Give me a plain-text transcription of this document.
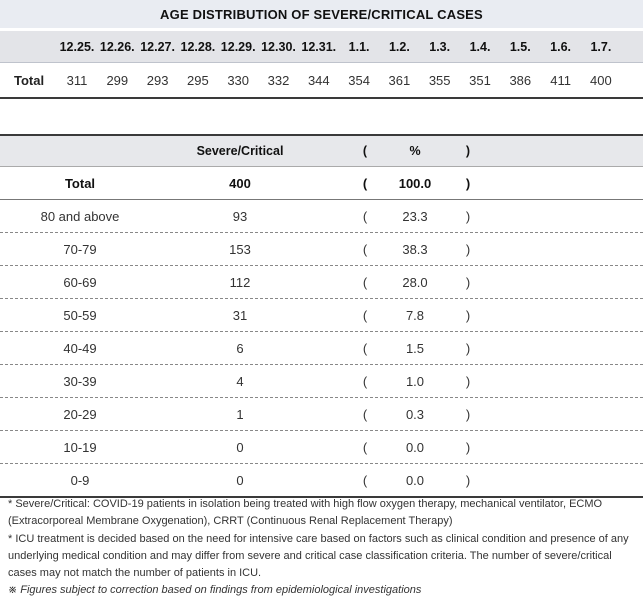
AGE DISTRIBUTION OF SEVERE/CRITICAL CASES
12.25. 12.26. 12.27. 12.28. 12.29. 12.30. 12.31. 1.1.	1.2.	1.3.	1.4.	1.5.	1.6.	1.7.
Total	311	299	293	295	330	332	344	354	361	355	351	386	411	400
Severe/Critical	(	%	)
Total	400	(	100.0	)
80 and above	93	(	23.3	)
70-79	153	(	38.3	)
60-69	112	(	28.0	)
50-59	31	(	7.8	)
40-49	6	(	1.5	)
30-39	4	(	1.0	)
20-29	1	(	0.3	)
10-19	0	(	0.0	)
0-9	0	(	0.0	)

* Severe/Critical: COVID-19 patients in isolation being treated with high flow oxygen therapy, mechanical ventilator, ECMO (Extracorporeal Membrane Oxygenation), CRRT (Continuous Renal Replacement Therapy)

* ICU treatment is decided based on the need for intensive care based on factors such as clinical condition and presence of any underlying medical condition and may differ from severe and critical case classification criteria. The number of severe/critical cases may not match the number of patients in ICU.

※ Figures subject to correction based on findings from epidemiological investigations
